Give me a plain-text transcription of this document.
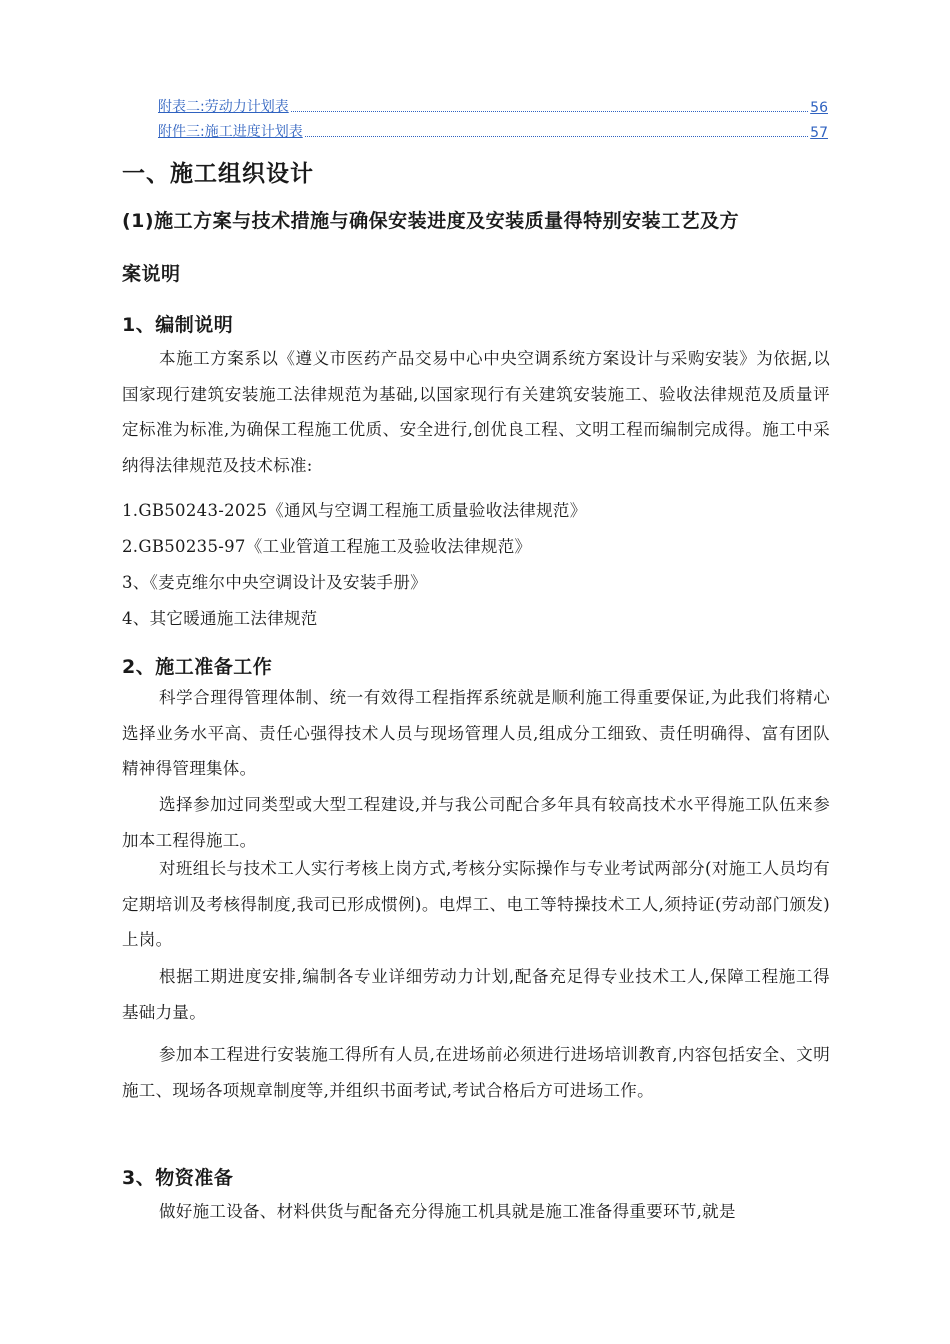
附表二:劳动力计划表	56
附件三:施工进度计划表	57
一、施工组织设计
(1)施工方案与技术措施与确保安装进度及安装质量得特别安装工艺及方
案说明
1、编制说明
本施工方案系以《遵义市医药产品交易中心中央空调系统方案设计与采购安装》为依据,以国家现行建筑安装施工法律规范为基础,以国家现行有关建筑安装施工、验收法律规范及质量评定标准为标准,为确保工程施工优质、安全进行,创优良工程、文明工程而编制完成得。施工中采纳得法律规范及技术标准:
1.GB50243-2025《通风与空调工程施工质量验收法律规范》
2.GB50235-97《工业管道工程施工及验收法律规范》
3、《麦克维尔中央空调设计及安装手册》
4、其它暖通施工法律规范
2、施工准备工作
科学合理得管理体制、统一有效得工程指挥系统就是顺利施工得重要保证,为此我们将精心选择业务水平高、责任心强得技术人员与现场管理人员,组成分工细致、责任明确得、富有团队精神得管理集体。
选择参加过同类型或大型工程建设,并与我公司配合多年具有较高技术水平得施工队伍来参加本工程得施工。
对班组长与技术工人实行考核上岗方式,考核分实际操作与专业考试两部分(对施工人员均有定期培训及考核得制度,我司已形成惯例)。电焊工、电工等特操技术工人,须持证(劳动部门颁发)上岗。
根据工期进度安排,编制各专业详细劳动力计划,配备充足得专业技术工人,保障工程施工得基础力量。
参加本工程进行安装施工得所有人员,在进场前必须进行进场培训教育,内容包括安全、文明施工、现场各项规章制度等,并组织书面考试,考试合格后方可进场工作。
3、物资准备
做好施工设备、材料供货与配备充分得施工机具就是施工准备得重要环节,就是
